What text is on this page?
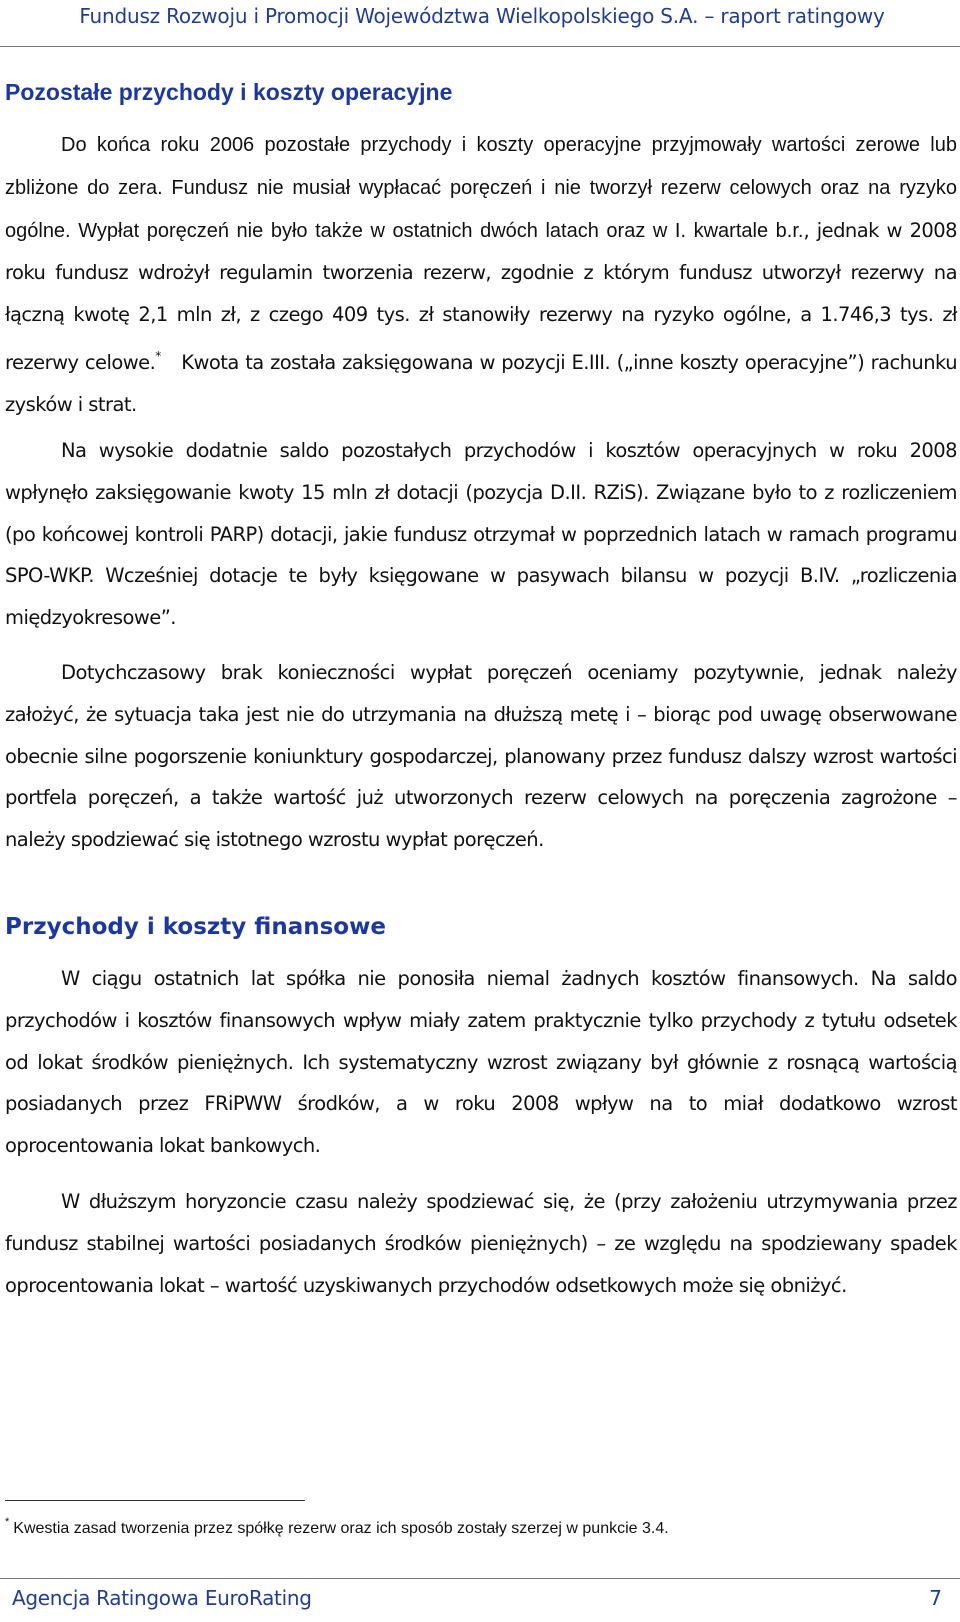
Fundusz Rozwoju i Promocji Województwa Wielkopolskiego S.A. – raport ratingowy
Pozostałe przychody i koszty operacyjne

Do końca roku 2006 pozostałe przychody i koszty operacyjne przyjmowały wartości zerowe lub zbliżone do zera. Fundusz nie musiał wypłacać poręczeń i nie tworzył rezerw celowych oraz na ryzyko ogólne. Wypłat poręczeń nie było także w ostatnich dwóch latach oraz w I. kwartale b.r., jednak w 2008 roku fundusz wdrożył regulamin tworzenia rezerw, zgodnie z którym fundusz utworzył rezerwy na łączną kwotę 2,1 mln zł, z czego 409 tys. zł stanowiły rezerwy na ryzyko ogólne, a 1.746,3 tys. zł rezerwy celowe.* Kwota ta została zaksięgowana w pozycji E.III. („inne koszty operacyjne”) rachunku zysków i strat.

Na wysokie dodatnie saldo pozostałych przychodów i kosztów operacyjnych w roku 2008 wpłynęło zaksięgowanie kwoty 15 mln zł dotacji (pozycja D.II. RZiS). Związane było to z rozliczeniem (po końcowej kontroli PARP) dotacji, jakie fundusz otrzymał w poprzednich latach w ramach programu SPO-WKP. Wcześniej dotacje te były księgowane w pasywach bilansu w pozycji B.IV. „rozliczenia międzyokresowe”.

Dotychczasowy brak konieczności wypłat poręczeń oceniamy pozytywnie, jednak należy założyć, że sytuacja taka jest nie do utrzymania na dłuższą metę i – biorąc pod uwagę obserwowane obecnie silne pogorszenie koniunktury gospodarczej, planowany przez fundusz dalszy wzrost wartości portfela poręczeń, a także wartość już utworzonych rezerw celowych na poręczenia zagrożone – należy spodziewać się istotnego wzrostu wypłat poręczeń.

Przychody i koszty finansowe

W ciągu ostatnich lat spółka nie ponosiła niemal żadnych kosztów finansowych. Na saldo przychodów i kosztów finansowych wpływ miały zatem praktycznie tylko przychody z tytułu odsetek od lokat środków pieniężnych. Ich systematyczny wzrost związany był głównie z rosnącą wartością posiadanych przez FRiPWW środków, a w roku 2008 wpływ na to miał dodatkowo wzrost oprocentowania lokat bankowych.

W dłuższym horyzoncie czasu należy spodziewać się, że (przy założeniu utrzymywania przez fundusz stabilnej wartości posiadanych środków pieniężnych) – ze względu na spodziewany spadek oprocentowania lokat – wartość uzyskiwanych przychodów odsetkowych może się obniżyć.

* Kwestia zasad tworzenia przez spółkę rezerw oraz ich sposób zostały szerzej w punkcie 3.4.
Agencja Ratingowa EuroRating	7
